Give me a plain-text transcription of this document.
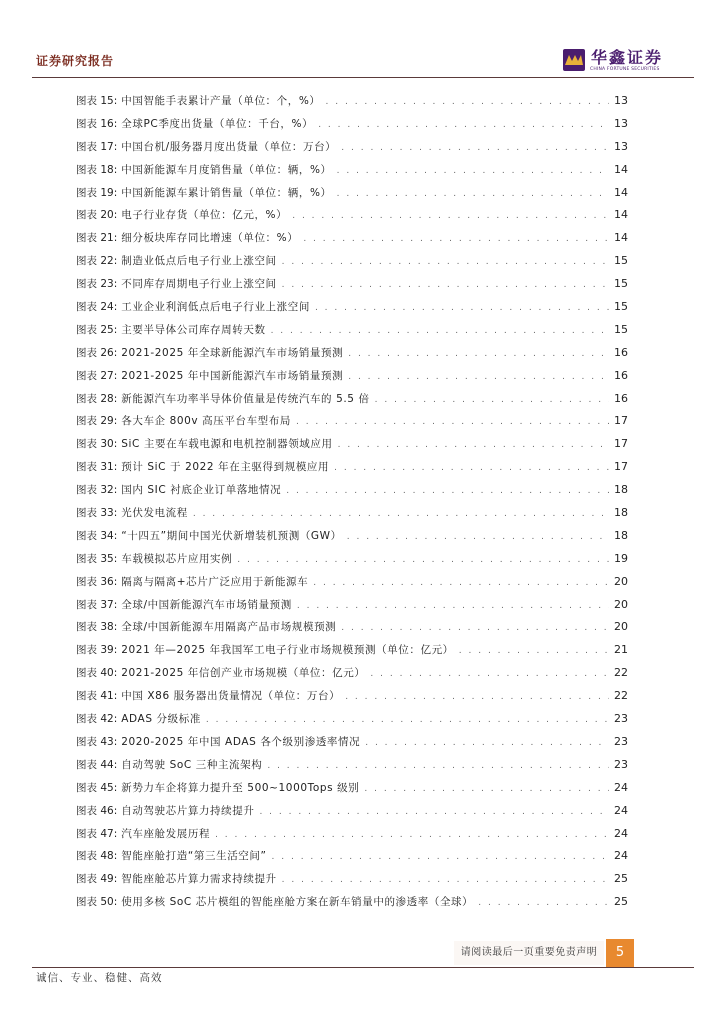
证券研究报告	华鑫证券
CHINA FORTUNE SECURITIES
图表 15: 中国智能手表累计产量（单位：个，%） . . .	13
图表 16: 全球PC季度出货量（单位：千台，%） . . .	13
图表 17: 中国台机/服务器月度出货量（单位：万台） . . .	13
图表 18: 中国新能源车月度销售量（单位：辆，%） . . .	14
图表 19: 中国新能源车累计销售量（单位：辆，%） . . .	14
图表 20: 电子行业存货（单位：亿元，%） . . .	14
图表 21: 细分板块库存同比增速（单位：%） . . .	14
图表 22: 制造业低点后电子行业上涨空间 . . .	15
图表 23: 不同库存周期电子行业上涨空间 . . .	15
图表 24: 工业企业利润低点后电子行业上涨空间 . . .	15
图表 25: 主要半导体公司库存周转天数 . . .	15
图表 26: 2021-2025 年全球新能源汽车市场销量预测 . . .	16
图表 27: 2021-2025 年中国新能源汽车市场销量预测 . . .	16
图表 28: 新能源汽车功率半导体价值量是传统汽车的 5.5 倍 . . .	16
图表 29: 各大车企 800v 高压平台车型布局 . . .	17
图表 30: SiC 主要在车载电源和电机控制器领域应用 . . .	17
图表 31: 预计 SiC 于 2022 年在主驱得到规模应用 . . .	17
图表 32: 国内 SIC 衬底企业订单落地情况 . . .	18
图表 33: 光伏发电流程 . . .	18
图表 34: “十四五”期间中国光伏新增装机预测（GW） . . .	18
图表 35: 车载模拟芯片应用实例 . . .	19
图表 36: 隔离与隔离+芯片广泛应用于新能源车 . . .	20
图表 37: 全球/中国新能源汽车市场销量预测 . . .	20
图表 38: 全球/中国新能源车用隔离产品市场规模预测 . . .	20
图表 39: 2021 年—2025 年我国军工电子行业市场规模预测（单位：亿元） . . .	21
图表 40: 2021-2025 年信创产业市场规模（单位：亿元） . . .	22
图表 41: 中国 X86 服务器出货量情况（单位：万台） . . .	22
图表 42: ADAS 分级标准 . . .	23
图表 43: 2020-2025 年中国 ADAS 各个级别渗透率情况 . . .	23
图表 44: 自动驾驶 SoC 三种主流架构 . . .	23
图表 45: 新势力车企将算力提升至 500~1000Tops 级别 . . .	24
图表 46: 自动驾驶芯片算力持续提升 . . .	24
图表 47: 汽车座舱发展历程 . . .	24
图表 48: 智能座舱打造“第三生活空间” . . .	24
图表 49: 智能座舱芯片算力需求持续提升 . . .	25
图表 50: 使用多核 SoC 芯片模组的智能座舱方案在新车销量中的渗透率（全球） . . .	25
请阅读最后一页重要免责声明	5
诚信、专业、稳健、高效
